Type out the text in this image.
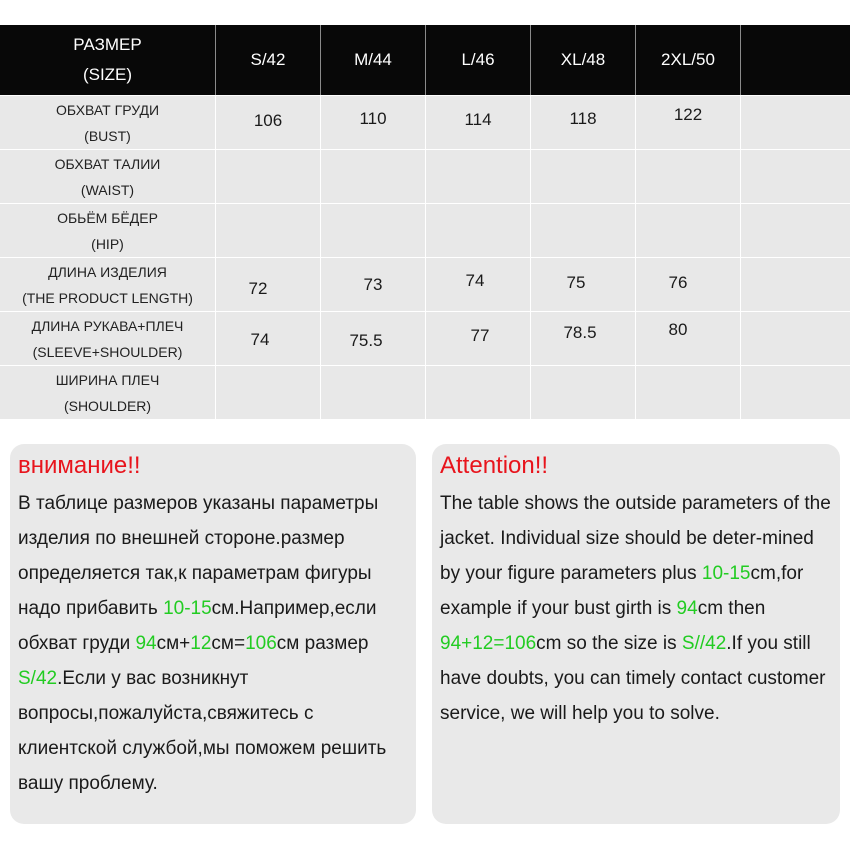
РАЗМЕР
(SIZE)
S/42	M/44	L/46	XL/48	2XL/50
ОБХВАТ ГРУДИ
(BUST)
106	110	114	118	122
ОБХВАТ ТАЛИИ
(WAIST)
ОБЬЁМ БЁДЕР
(HIP)
ДЛИНА ИЗДЕЛИЯ
(THE PRODUCT LENGTH)	72	73	74	75	76
ДЛИНА РУКАВА+ПЛЕЧ
(SLEEVE+SHOULDER)
74	75.5	77	78.5	80
ШИРИНА ПЛЕЧ
(SHOULDER)
внимание!!
В таблице размеров указаны параметры изделия по внешней стороне.размер определяется так,к параметрам фигуры надо прибавить 10-15см.Например,если обхват груди 94см+12см=106см размер S/42.Если у вас возникнут вопросы,пожалуйста,свяжитесь с клиентской службой,мы поможем решить вашу проблему.
Attention!!
The table shows the outside parameters of the jacket. Individual size should be deter-mined by your figure parameters plus 10-15cm,for example if your bust girth is 94cm then 94+12=106cm so the size is S//42.If you still have doubts, you can timely contact customer service, we will help you to solve.
